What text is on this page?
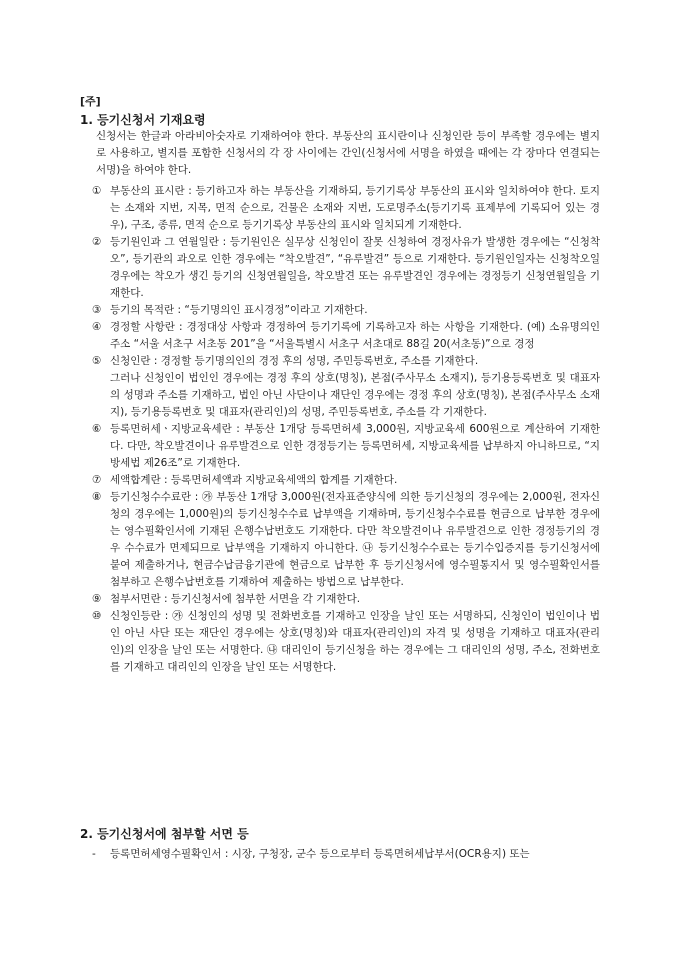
[주]
1. 등기신청서 기재요령
신청서는 한글과 아라비아숫자로 기재하여야 한다. 부동산의 표시란이나 신청인란 등이 부족할 경우에는 별지로 사용하고, 별지를 포함한 신청서의 각 장 사이에는 간인(신청서에 서명을 하였을 때에는 각 장마다 연결되는 서명)을 하여야 한다.
① 부동산의 표시란 : 등기하고자 하는 부동산을 기재하되, 등기기록상 부동산의 표시와 일치하여야 한다. 토지는 소재와 지번, 지목, 면적 순으로, 건물은 소재와 지번, 도로명주소(등기기록 표제부에 기록되어 있는 경우), 구조, 종류, 면적 순으로 등기기록상 부동산의 표시와 일치되게 기재한다.
② 등기원인과 그 연월일란 : 등기원인은 실무상 신청인이 잘못 신청하여 경정사유가 발생한 경우에는 “신청착오”, 등기관의 과오로 인한 경우에는 “착오발견”, “유루발견” 등으로 기재한다. 등기원인일자는 신청착오일 경우에는 착오가 생긴 등기의 신청연월일을, 착오발견 또는 유루발견인 경우에는 경정등기 신청연월일을 기재한다.
③ 등기의 목적란 : “등기명의인 표시경정”이라고 기재한다.
④ 경정할 사항란 : 경정대상 사항과 경정하여 등기기록에 기록하고자 하는 사항을 기재한다. (예) 소유명의인 주소 “서울 서초구 서초동 201”을 “서울특별시 서초구 서초대로 88길 20(서초동)”으로 경정
⑤ 신청인란 : 경정할 등기명의인의 경정 후의 성명, 주민등록번호, 주소를 기재한다.
그러나 신청인이 법인인 경우에는 경정 후의 상호(명칭), 본점(주사무소 소재지), 등기용등록번호 및 대표자의 성명과 주소를 기재하고, 법인 아닌 사단이나 재단인 경우에는 경정 후의 상호(명칭), 본점(주사무소 소재지), 등기용등록번호 및 대표자(관리인)의 성명, 주민등록번호, 주소를 각 기재한다.
⑥ 등록면허세ㆍ지방교육세란 : 부동산 1개당 등록면허세 3,000원, 지방교육세 600원으로 계산하여 기재한다. 다만, 착오발견이나 유루발견으로 인한 경정등기는 등록면허세, 지방교육세를 납부하지 아니하므로, “지방세법 제26조”로 기재한다.
⑦ 세액합계란 : 등록면허세액과 지방교육세액의 합계를 기재한다.
⑧ 등기신청수수료란 : ㉮ 부동산 1개당 3,000원(전자표준양식에 의한 등기신청의 경우에는 2,000원, 전자신청의 경우에는 1,000원)의 등기신청수수료 납부액을 기재하며, 등기신청수수료를 현금으로 납부한 경우에는 영수필확인서에 기재된 은행수납번호도 기재한다. 다만 착오발견이나 유루발견으로 인한 경정등기의 경우 수수료가 면제되므로 납부액을 기재하지 아니한다. ㉯ 등기신청수수료는 등기수입증지를 등기신청서에 붙여 제출하거나, 현금수납금융기관에 현금으로 납부한 후 등기신청서에 영수필통지서 및 영수필확인서를 첨부하고 은행수납번호를 기재하여 제출하는 방법으로 납부한다.
⑨ 첨부서면란 : 등기신청서에 첨부한 서면을 각 기재한다.
⑩ 신청인등란 : ㉮ 신청인의 성명 및 전화번호를 기재하고 인장을 날인 또는 서명하되, 신청인이 법인이나 법인 아닌 사단 또는 재단인 경우에는 상호(명칭)와 대표자(관리인)의 자격 및 성명을 기재하고 대표자(관리인)의 인장을 날인 또는 서명한다. ㉯ 대리인이 등기신청을 하는 경우에는 그 대리인의 성명, 주소, 전화번호를 기재하고 대리인의 인장을 날인 또는 서명한다.
2. 등기신청서에 첨부할 서면 등
- 등록면허세영수필확인서 : 시장, 구청장, 군수 등으로부터 등록면허세납부서(OCR용지) 또는
